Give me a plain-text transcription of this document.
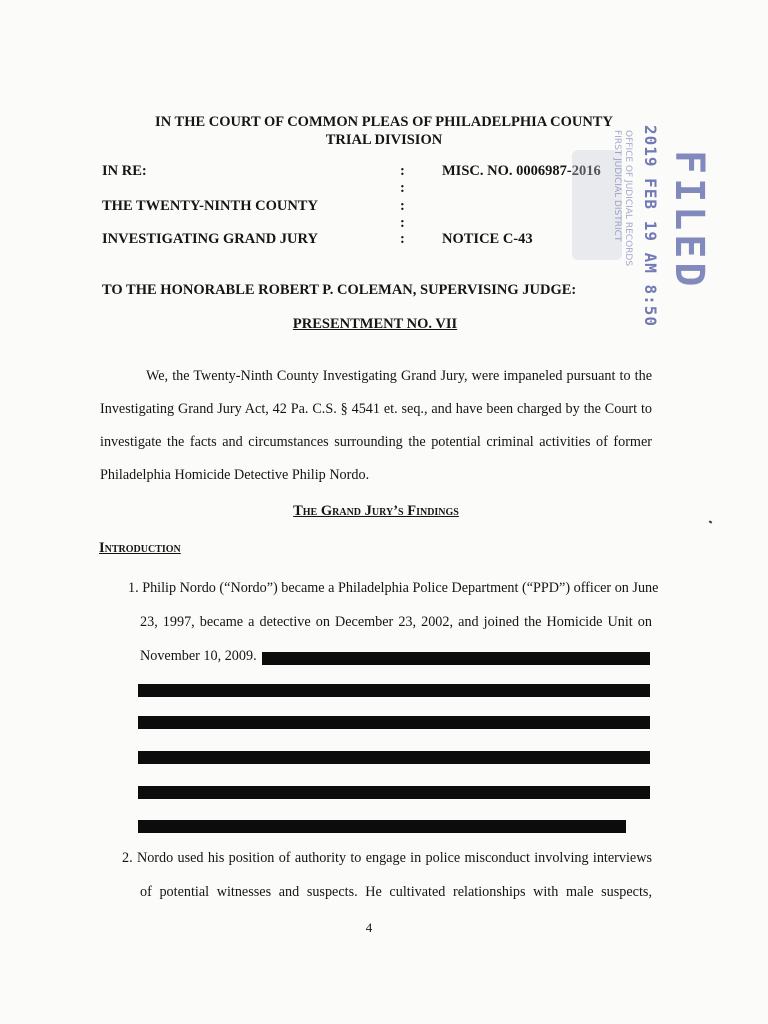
IN THE COURT OF COMMON PLEAS OF PHILADELPHIA COUNTY
TRIAL DIVISION
IN RE:
THE TWENTY-NINTH COUNTY
INVESTIGATING GRAND JURY
:
:
:
:
:
MISC. NO. 0006987-2016
NOTICE C-43	OFFICE OF JUDICIAL RECORDS
FIRST JUDICIAL DISTRICT 2019 FEB 19 AM 8:50 FILED
TO THE HONORABLE ROBERT P. COLEMAN, SUPERVISING JUDGE:
PRESENTMENT NO. VII
We, the Twenty-Ninth County Investigating Grand Jury, were impaneled pursuant to the
Investigating Grand Jury Act, 42 Pa. C.S. § 4541 et. seq., and have been charged by the Court to
investigate the facts and circumstances surrounding the potential criminal activities of former
Philadelphia Homicide Detective Philip Nordo.
The Grand Jury’s Findings
Introduction
1. Philip Nordo (“Nordo”) became a Philadelphia Police Department (“PPD”) officer on June
23, 1997, became a detective on December 23, 2002, and joined the Homicide Unit on
November 10, 2009.
2. Nordo used his position of authority to engage in police misconduct involving interviews
of potential witnesses and suspects. He cultivated relationships with male suspects,
4
